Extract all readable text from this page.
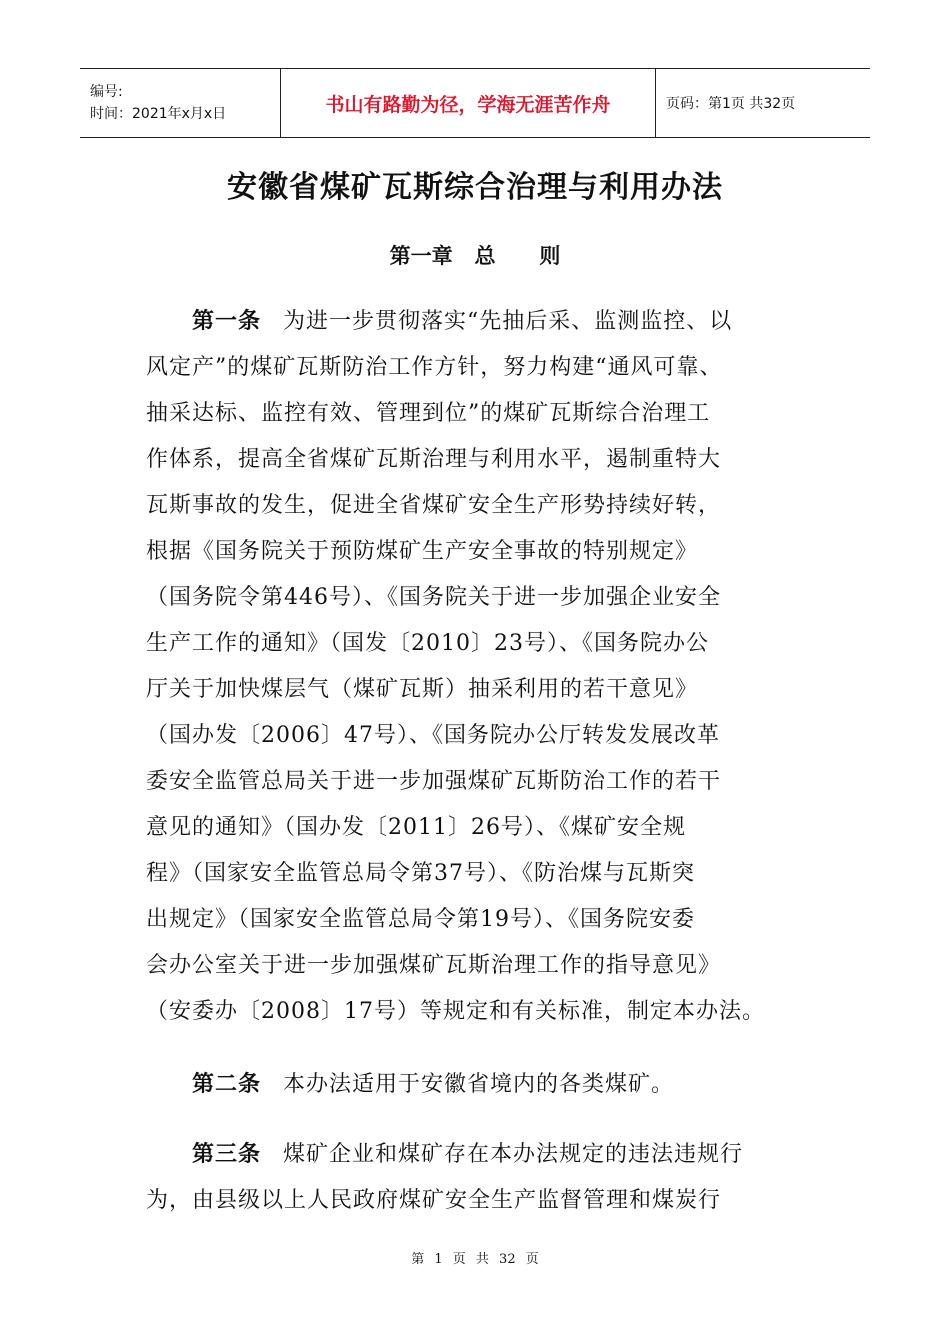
编号:
时间：2021年x月x日	书山有路勤为径，学海无涯苦作舟	页码：第1页 共32页
安徽省煤矿瓦斯综合治理与利用办法
第一章   总      则
第一条 为进一步贯彻落实“先抽后采、监测监控、以
风定产”的煤矿瓦斯防治工作方针，努力构建“通风可靠、
抽采达标、监控有效、管理到位”的煤矿瓦斯综合治理工
作体系，提高全省煤矿瓦斯治理与利用水平，遏制重特大
瓦斯事故的发生，促进全省煤矿安全生产形势持续好转，
根据《国务院关于预防煤矿生产安全事故的特别规定》
（国务院令第446号）、《国务院关于进一步加强企业安全
生产工作的通知》（国发〔2010〕23号）、《国务院办公
厅关于加快煤层气（煤矿瓦斯）抽采利用的若干意见》
（国办发〔2006〕47号）、《国务院办公厅转发发展改革
委安全监管总局关于进一步加强煤矿瓦斯防治工作的若干
意见的通知》（国办发〔2011〕26号）、《煤矿安全规
程》（国家安全监管总局令第37号）、《防治煤与瓦斯突
出规定》（国家安全监管总局令第19号）、《国务院安委
会办公室关于进一步加强煤矿瓦斯治理工作的指导意见》
（安委办〔2008〕17号）等规定和有关标准，制定本办法。
第二条 本办法适用于安徽省境内的各类煤矿。
第三条 煤矿企业和煤矿存在本办法规定的违法违规行
为，由县级以上人民政府煤矿安全生产监督管理和煤炭行
第 1 页 共 32 页
